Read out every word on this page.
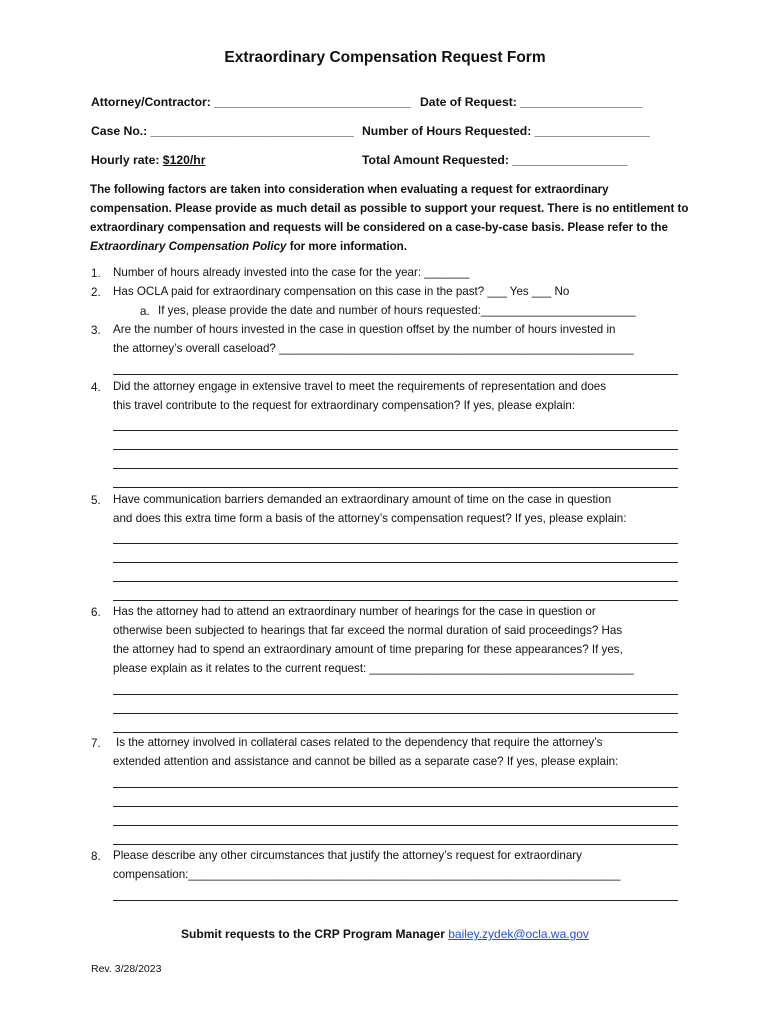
Extraordinary Compensation Request Form
Attorney/Contractor: _____________________________ Date of Request: __________________
Case No.: ______________________________ Number of Hours Requested: _________________
Hourly rate: $120/hr	Total Amount Requested: _________________
The following factors are taken into consideration when evaluating a request for extraordinary compensation. Please provide as much detail as possible to support your request. There is no entitlement to extraordinary compensation and requests will be considered on a case-by-case basis. Please refer to the Extraordinary Compensation Policy for more information.
1. Number of hours already invested into the case for the year: _______
2. Has OCLA paid for extraordinary compensation on this case in the past? ___ Yes ___ No
a. If yes, please provide the date and number of hours requested:________________________
3. Are the number of hours invested in the case in question offset by the number of hours invested in
the attorney’s overall caseload? _______________________________________________________
4. Did the attorney engage in extensive travel to meet the requirements of representation and does
this travel contribute to the request for extraordinary compensation? If yes, please explain:
5. Have communication barriers demanded an extraordinary amount of time on the case in question
and does this extra time form a basis of the attorney’s compensation request? If yes, please explain:
6. Has the attorney had to attend an extraordinary number of hearings for the case in question or
otherwise been subjected to hearings that far exceed the normal duration of said proceedings? Has
the attorney had to spend an extraordinary amount of time preparing for these appearances? If yes,
please explain as it relates to the current request: _________________________________________
7. Is the attorney involved in collateral cases related to the dependency that require the attorney’s
extended attention and assistance and cannot be billed as a separate case? If yes, please explain:
8. Please describe any other circumstances that justify the attorney’s request for extraordinary
compensation:___________________________________________________________________
Submit requests to the CRP Program Manager bailey.zydek@ocla.wa.gov
Rev. 3/28/2023
